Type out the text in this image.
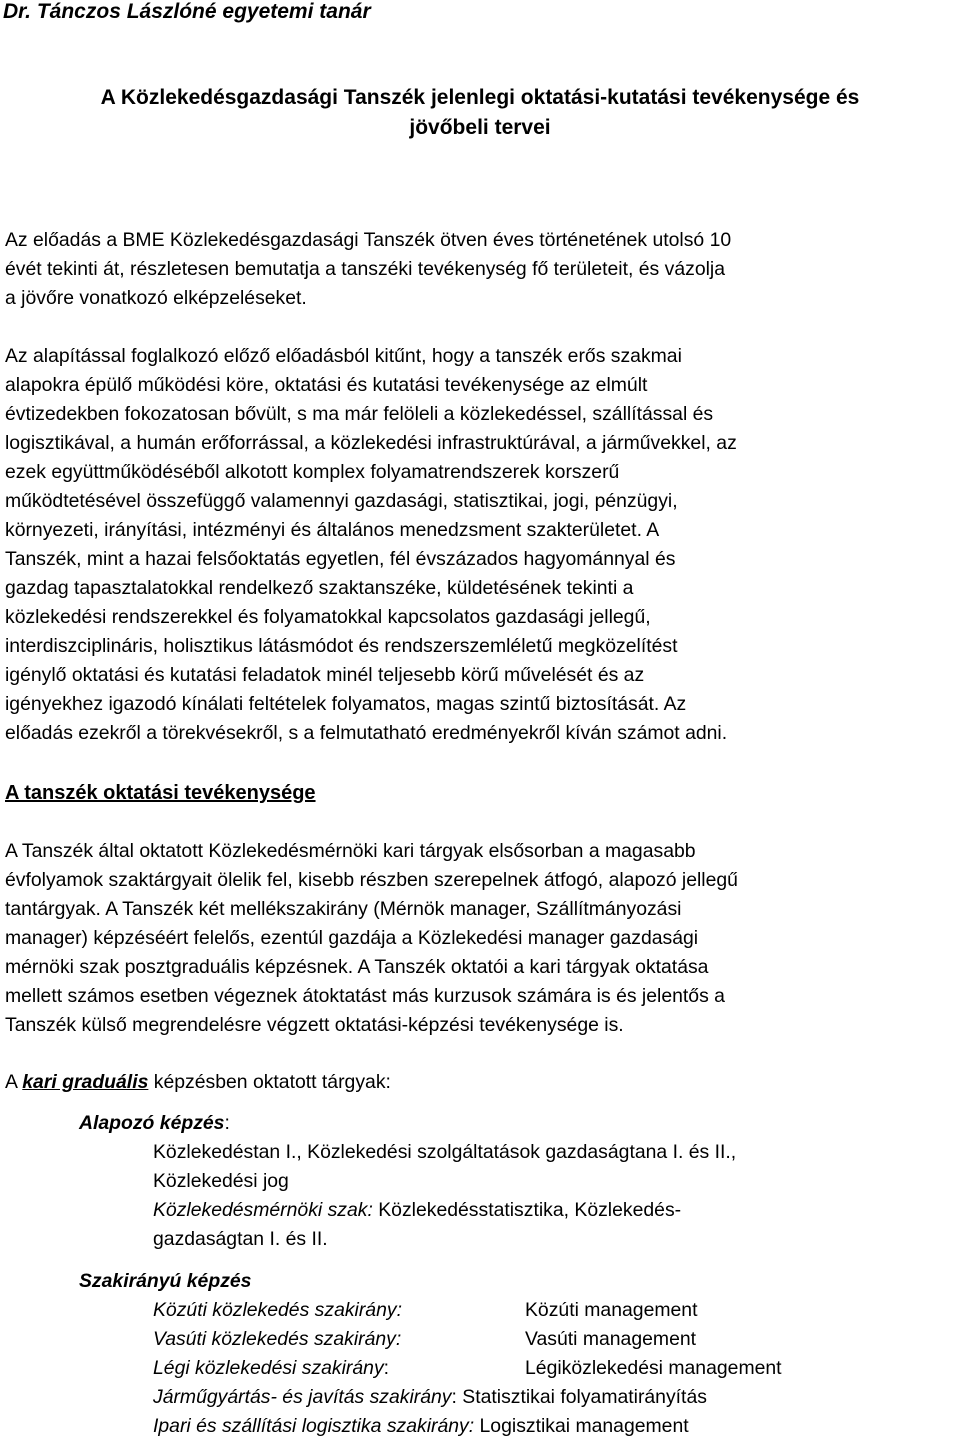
Dr. Tánczos Lászlóné egyetemi tanár
A Közlekedésgazdasági Tanszék jelenlegi oktatási-kutatási tevékenysége és
jövőbeli tervei
Az előadás a BME Közlekedésgazdasági Tanszék ötven éves történetének utolsó 10
évét tekinti át, részletesen bemutatja a tanszéki tevékenység fő területeit, és vázolja
a jövőre vonatkozó elképzeléseket.
Az alapítással foglalkozó előző előadásból kitűnt, hogy a tanszék erős szakmai
alapokra épülő működési köre, oktatási és kutatási tevékenysége az elmúlt
évtizedekben fokozatosan bővült, s ma már felöleli a közlekedéssel, szállítással és
logisztikával, a humán erőforrással, a közlekedési infrastruktúrával, a járművekkel, az
ezek együttműködéséből alkotott komplex folyamatrendszerek korszerű
működtetésével összefüggő valamennyi gazdasági, statisztikai, jogi, pénzügyi,
környezeti, irányítási, intézményi és általános menedzsment szakterületet. A
Tanszék, mint a hazai felsőoktatás egyetlen, fél évszázados hagyománnyal és
gazdag tapasztalatokkal rendelkező szaktanszéke, küldetésének tekinti a
közlekedési rendszerekkel és folyamatokkal kapcsolatos gazdasági jellegű,
interdiszciplináris, holisztikus látásmódot és rendszerszemléletű megközelítést
igénylő oktatási és kutatási feladatok minél teljesebb körű művelését és az
igényekhez igazodó kínálati feltételek folyamatos, magas szintű biztosítását. Az
előadás ezekről a törekvésekről, s a felmutatható eredményekről kíván számot adni.
A tanszék oktatási tevékenysége
A Tanszék által oktatott Közlekedésmérnöki kari tárgyak elsősorban a magasabb
évfolyamok szaktárgyait ölelik fel, kisebb részben szerepelnek átfogó, alapozó jellegű
tantárgyak. A Tanszék két mellékszakirány (Mérnök manager, Szállítmányozási
manager) képzéséért felelős, ezentúl gazdája a Közlekedési manager gazdasági
mérnöki szak posztgraduális képzésnek. A Tanszék oktatói a kari tárgyak oktatása
mellett számos esetben végeznek átoktatást más kurzusok számára is és jelentős a
Tanszék külső megrendelésre végzett oktatási-képzési tevékenysége is.
A kari graduális képzésben oktatott tárgyak:
Alapozó képzés:
Közlekedéstan I., Közlekedési szolgáltatások gazdaságtana I. és II.,
Közlekedési jog
Közlekedésmérnöki szak: Közlekedésstatisztika, Közlekedés-
gazdaságtan I. és II.
Szakirányú képzés
Közúti közlekedés szakirány:	Közúti management
Vasúti közlekedés szakirány:	Vasúti management
Légi közlekedési szakirány:	Légiközlekedési management
Járműgyártás- és javítás szakirány: Statisztikai folyamatirányítás
Ipari és szállítási logisztika szakirány: Logisztikai management
